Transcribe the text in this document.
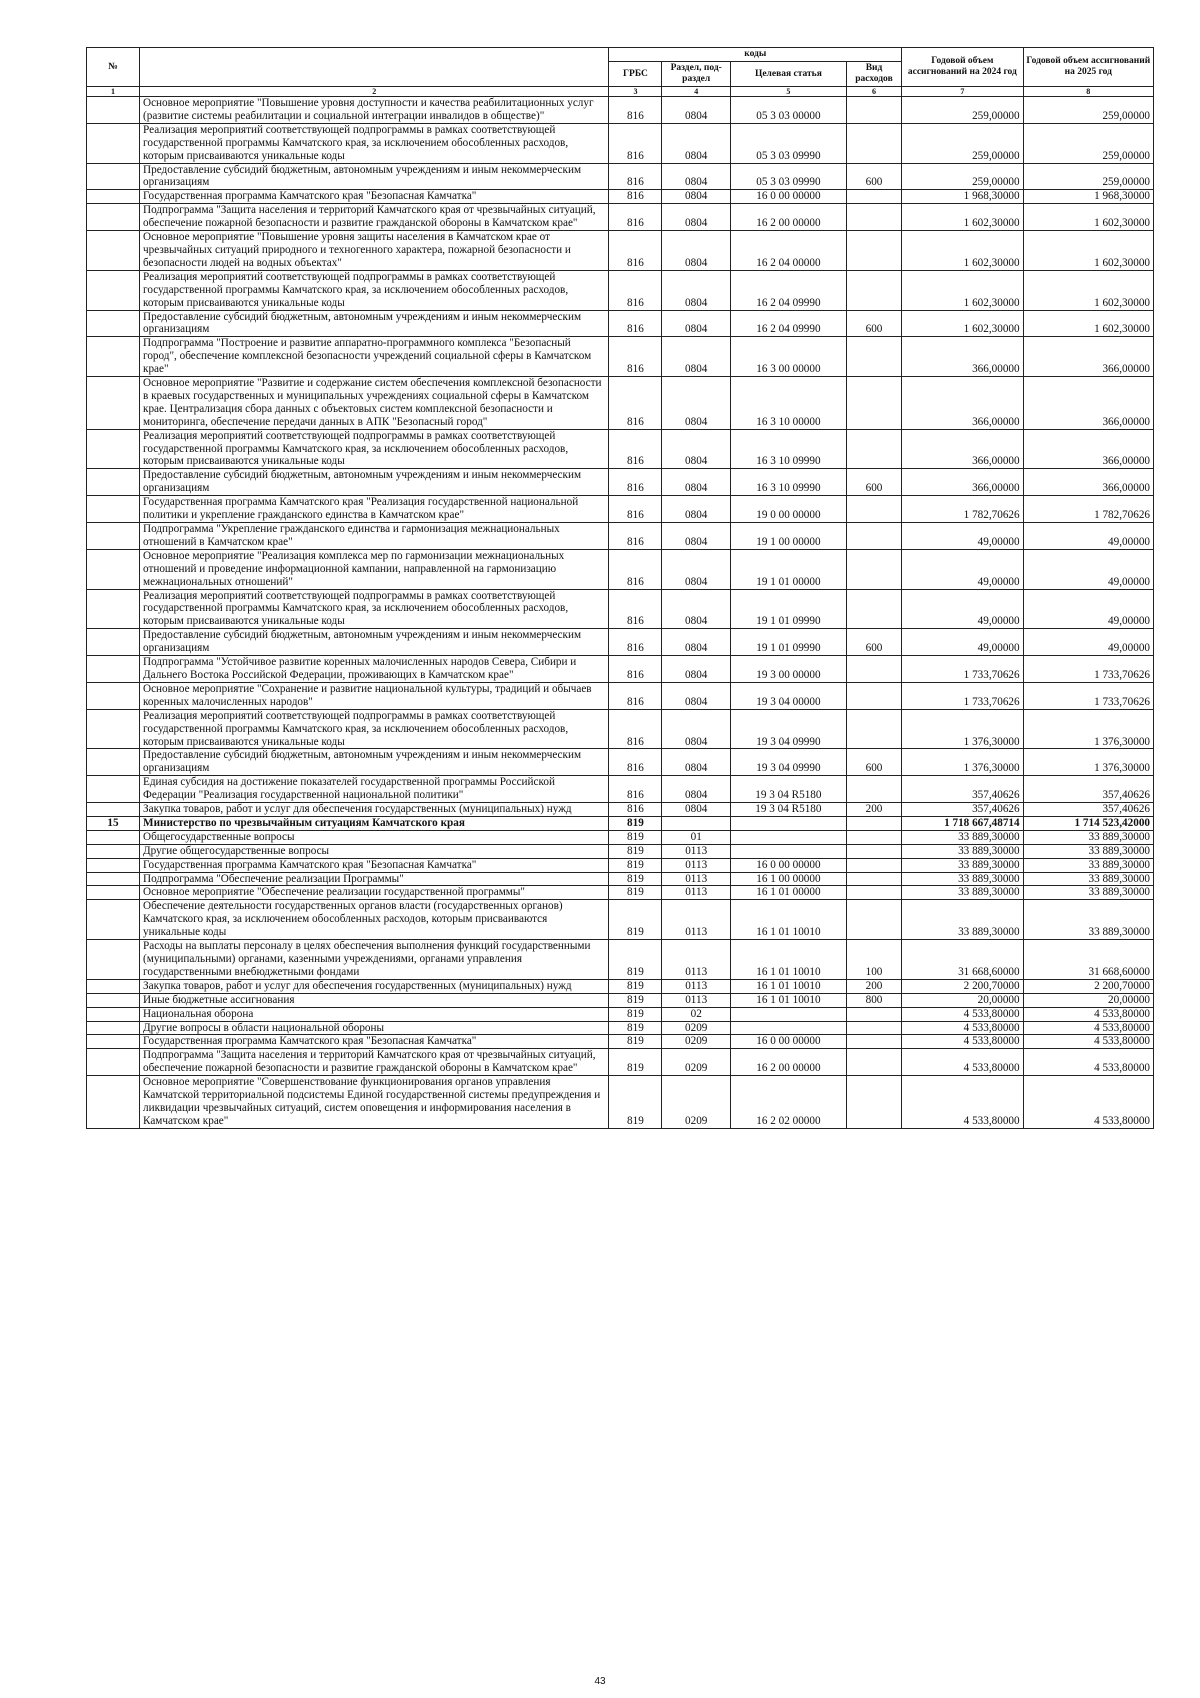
№		коды				Годовой объем ассигнований на 2024 год	Годовой объем ассигнований на 2025 год
		ГРБС	Раздел, под-раздел	Целевая статья	Вид расходов		
1	2	3	4	5	6	7	8
	Основное мероприятие "Повышение уровня доступности и качества реабилитационных услуг (развитие системы реабилитации и социальной интеграции инвалидов в обществе)"	816	0804	05 3 03 00000		259,00000	259,00000
	Реализация мероприятий соответствующей подпрограммы в рамках соответствующей государственной программы Камчатского края, за исключением обособленных расходов, которым присваиваются уникальные коды	816	0804	05 3 03 09990		259,00000	259,00000
	Предоставление субсидий бюджетным, автономным учреждениям и иным некоммерческим организациям	816	0804	05 3 03 09990	600	259,00000	259,00000
	Государственная программа Камчатского края "Безопасная Камчатка"	816	0804	16 0 00 00000		1 968,30000	1 968,30000
	Подпрограмма "Защита населения и территорий Камчатского края от чрезвычайных ситуаций, обеспечение пожарной безопасности и развитие гражданской обороны в Камчатском крае"	816	0804	16 2 00 00000		1 602,30000	1 602,30000
	Основное мероприятие "Повышение уровня защиты населения в Камчатском крае от чрезвычайных ситуаций природного и техногенного характера, пожарной безопасности и безопасности людей на водных объектах"	816	0804	16 2 04 00000		1 602,30000	1 602,30000
	Реализация мероприятий соответствующей подпрограммы в рамках соответствующей государственной программы Камчатского края, за исключением обособленных расходов, которым присваиваются уникальные коды	816	0804	16 2 04 09990		1 602,30000	1 602,30000
	Предоставление субсидий бюджетным, автономным учреждениям и иным некоммерческим организациям	816	0804	16 2 04 09990	600	1 602,30000	1 602,30000
	Подпрограмма "Построение и развитие аппаратно-программного комплекса "Безопасный город", обеспечение комплексной безопасности учреждений социальной сферы в Камчатском крае"	816	0804	16 3 00 00000		366,00000	366,00000
	Основное мероприятие "Развитие и содержание систем обеспечения комплексной безопасности в краевых государственных и муниципальных учреждениях социальной сферы в Камчатском крае. Централизация сбора данных с объектовых систем комплексной безопасности и мониторинга, обеспечение передачи данных в АПК "Безопасный город"	816	0804	16 3 10 00000		366,00000	366,00000
	Реализация мероприятий соответствующей подпрограммы в рамках соответствующей государственной программы Камчатского края, за исключением обособленных расходов, которым присваиваются уникальные коды	816	0804	16 3 10 09990		366,00000	366,00000
	Предоставление субсидий бюджетным, автономным учреждениям и иным некоммерческим организациям	816	0804	16 3 10 09990	600	366,00000	366,00000
	Государственная программа Камчатского края "Реализация государственной национальной политики и укрепление гражданского единства в Камчатском крае"	816	0804	19 0 00 00000		1 782,70626	1 782,70626
	Подпрограмма "Укрепление гражданского единства и гармонизация межнациональных отношений в Камчатском крае"	816	0804	19 1 00 00000		49,00000	49,00000
	Основное мероприятие "Реализация комплекса мер по гармонизации межнациональных отношений и проведение информационной кампании, направленной на гармонизацию межнациональных отношений"	816	0804	19 1 01 00000		49,00000	49,00000
	Реализация мероприятий соответствующей подпрограммы в рамках соответствующей государственной программы Камчатского края, за исключением обособленных расходов, которым присваиваются уникальные коды	816	0804	19 1 01 09990		49,00000	49,00000
	Предоставление субсидий бюджетным, автономным учреждениям и иным некоммерческим организациям	816	0804	19 1 01 09990	600	49,00000	49,00000
	Подпрограмма "Устойчивое развитие коренных малочисленных народов Севера, Сибири и Дальнего Востока Российской Федерации, проживающих в Камчатском крае"	816	0804	19 3 00 00000		1 733,70626	1 733,70626
	Основное мероприятие "Сохранение и развитие национальной культуры, традиций и обычаев коренных малочисленных народов"	816	0804	19 3 04 00000		1 733,70626	1 733,70626
	Реализация мероприятий соответствующей подпрограммы в рамках соответствующей государственной программы Камчатского края, за исключением обособленных расходов, которым присваиваются уникальные коды	816	0804	19 3 04 09990		1 376,30000	1 376,30000
	Предоставление субсидий бюджетным, автономным учреждениям и иным некоммерческим организациям	816	0804	19 3 04 09990	600	1 376,30000	1 376,30000
	Единая субсидия на достижение показателей государственной программы Российской Федерации "Реализация государственной национальной политики"	816	0804	19 3 04 R5180		357,40626	357,40626
	Закупка товаров, работ и услуг для обеспечения государственных (муниципальных) нужд	816	0804	19 3 04 R5180	200	357,40626	357,40626
15	Министерство по чрезвычайным ситуациям Камчатского края	819				1 718 667,48714	1 714 523,42000
	Общегосударственные вопросы	819	01			33 889,30000	33 889,30000
	Другие общегосударственные вопросы	819	0113			33 889,30000	33 889,30000
	Государственная программа Камчатского края "Безопасная Камчатка"	819	0113	16 0 00 00000		33 889,30000	33 889,30000
	Подпрограмма "Обеспечение реализации Программы"	819	0113	16 1 00 00000		33 889,30000	33 889,30000
	Основное мероприятие "Обеспечение реализации государственной программы"	819	0113	16 1 01 00000		33 889,30000	33 889,30000
	Обеспечение деятельности государственных органов власти (государственных органов) Камчатского края, за исключением обособленных расходов, которым присваиваются уникальные коды	819	0113	16 1 01 10010		33 889,30000	33 889,30000
	Расходы на выплаты персоналу в целях обеспечения выполнения функций государственными (муниципальными) органами, казенными учреждениями, органами управления государственными внебюджетными фондами	819	0113	16 1 01 10010	100	31 668,60000	31 668,60000
	Закупка товаров, работ и услуг для обеспечения государственных (муниципальных) нужд	819	0113	16 1 01 10010	200	2 200,70000	2 200,70000
	Иные бюджетные ассигнования	819	0113	16 1 01 10010	800	20,00000	20,00000
	Национальная оборона	819	02			4 533,80000	4 533,80000
	Другие вопросы в области национальной обороны	819	0209			4 533,80000	4 533,80000
	Государственная программа Камчатского края "Безопасная Камчатка"	819	0209	16 0 00 00000		4 533,80000	4 533,80000
	Подпрограмма "Защита населения и территорий Камчатского края от чрезвычайных ситуаций, обеспечение пожарной безопасности и развитие гражданской обороны в Камчатском крае"	819	0209	16 2 00 00000		4 533,80000	4 533,80000
	Основное мероприятие "Совершенствование функционирования органов управления Камчатской территориальной подсистемы Единой государственной системы предупреждения и ликвидации чрезвычайных ситуаций, систем оповещения и информирования населения в Камчатском крае"	819	0209	16 2 02 00000		4 533,80000	4 533,80000
43
